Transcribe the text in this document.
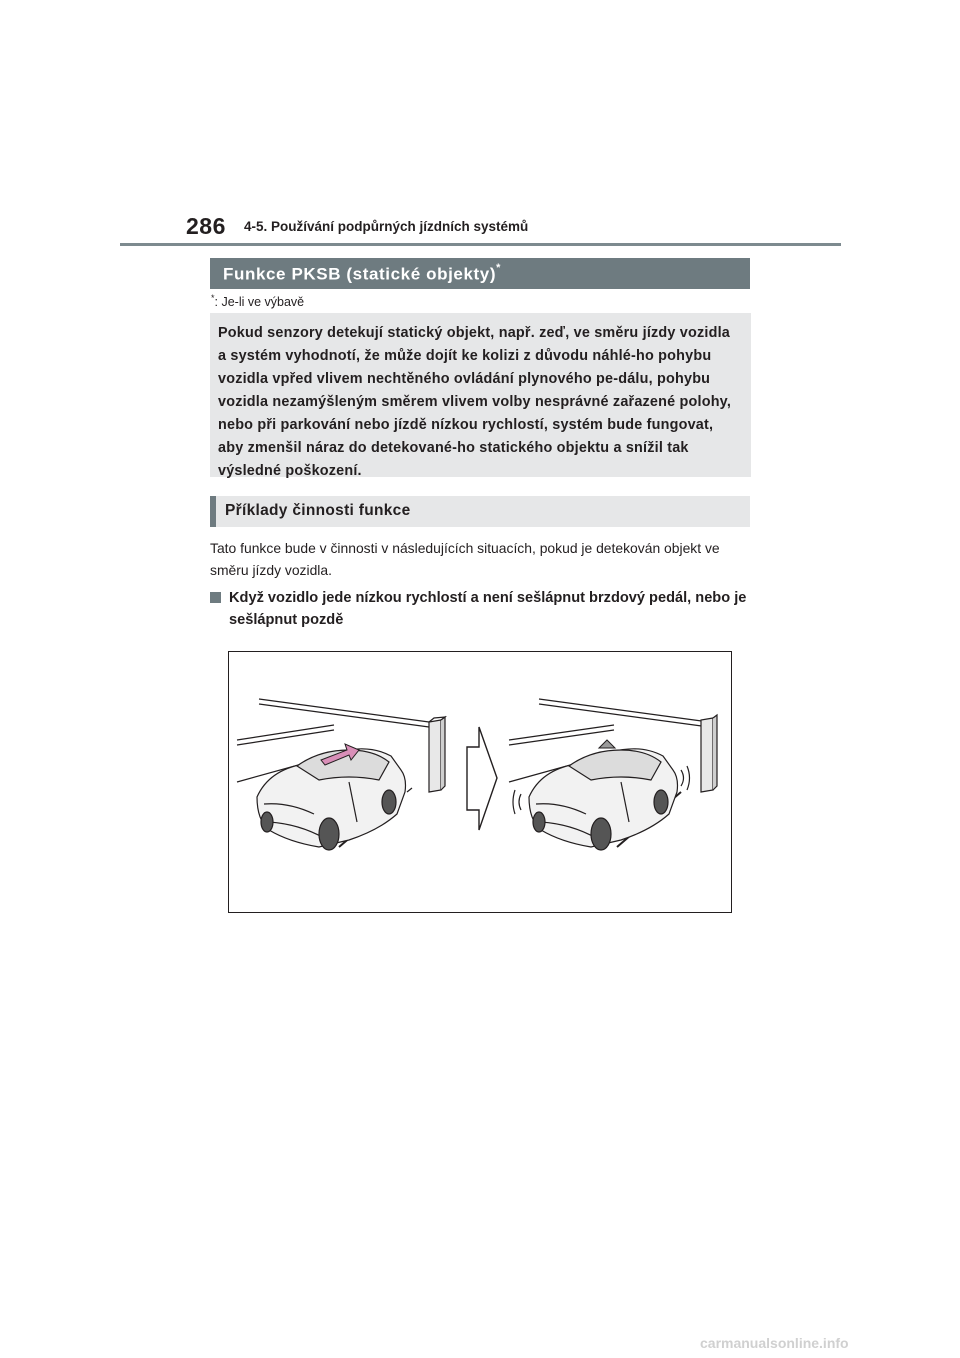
286 4-5. Používání podpůrných jízdních systémů
Funkce PKSB (statické objekty)*
*: Je-li ve výbavě

Pokud senzory detekují statický objekt, např. zeď, ve směru jízdy vozidla a systém vyhodnotí, že může dojít ke kolizi z důvodu náhlé-ho pohybu vozidla vpřed vlivem nechtěného ovládání plynového pe-dálu, pohybu vozidla nezamýšleným směrem vlivem volby nesprávné zařazené polohy, nebo při parkování nebo jízdě nízkou rychlostí, systém bude fungovat, aby zmenšil náraz do detekované-ho statického objektu a snížil tak výsledné poškození.

Příklady činnosti funkce

Tato funkce bude v činnosti v následujících situacích, pokud je detekován objekt ve směru jízdy vozidla.

Když vozidlo jede nízkou rychlostí a není sešlápnut brzdový pedál, nebo je sešlápnut pozdě

carmanualsonline.info
